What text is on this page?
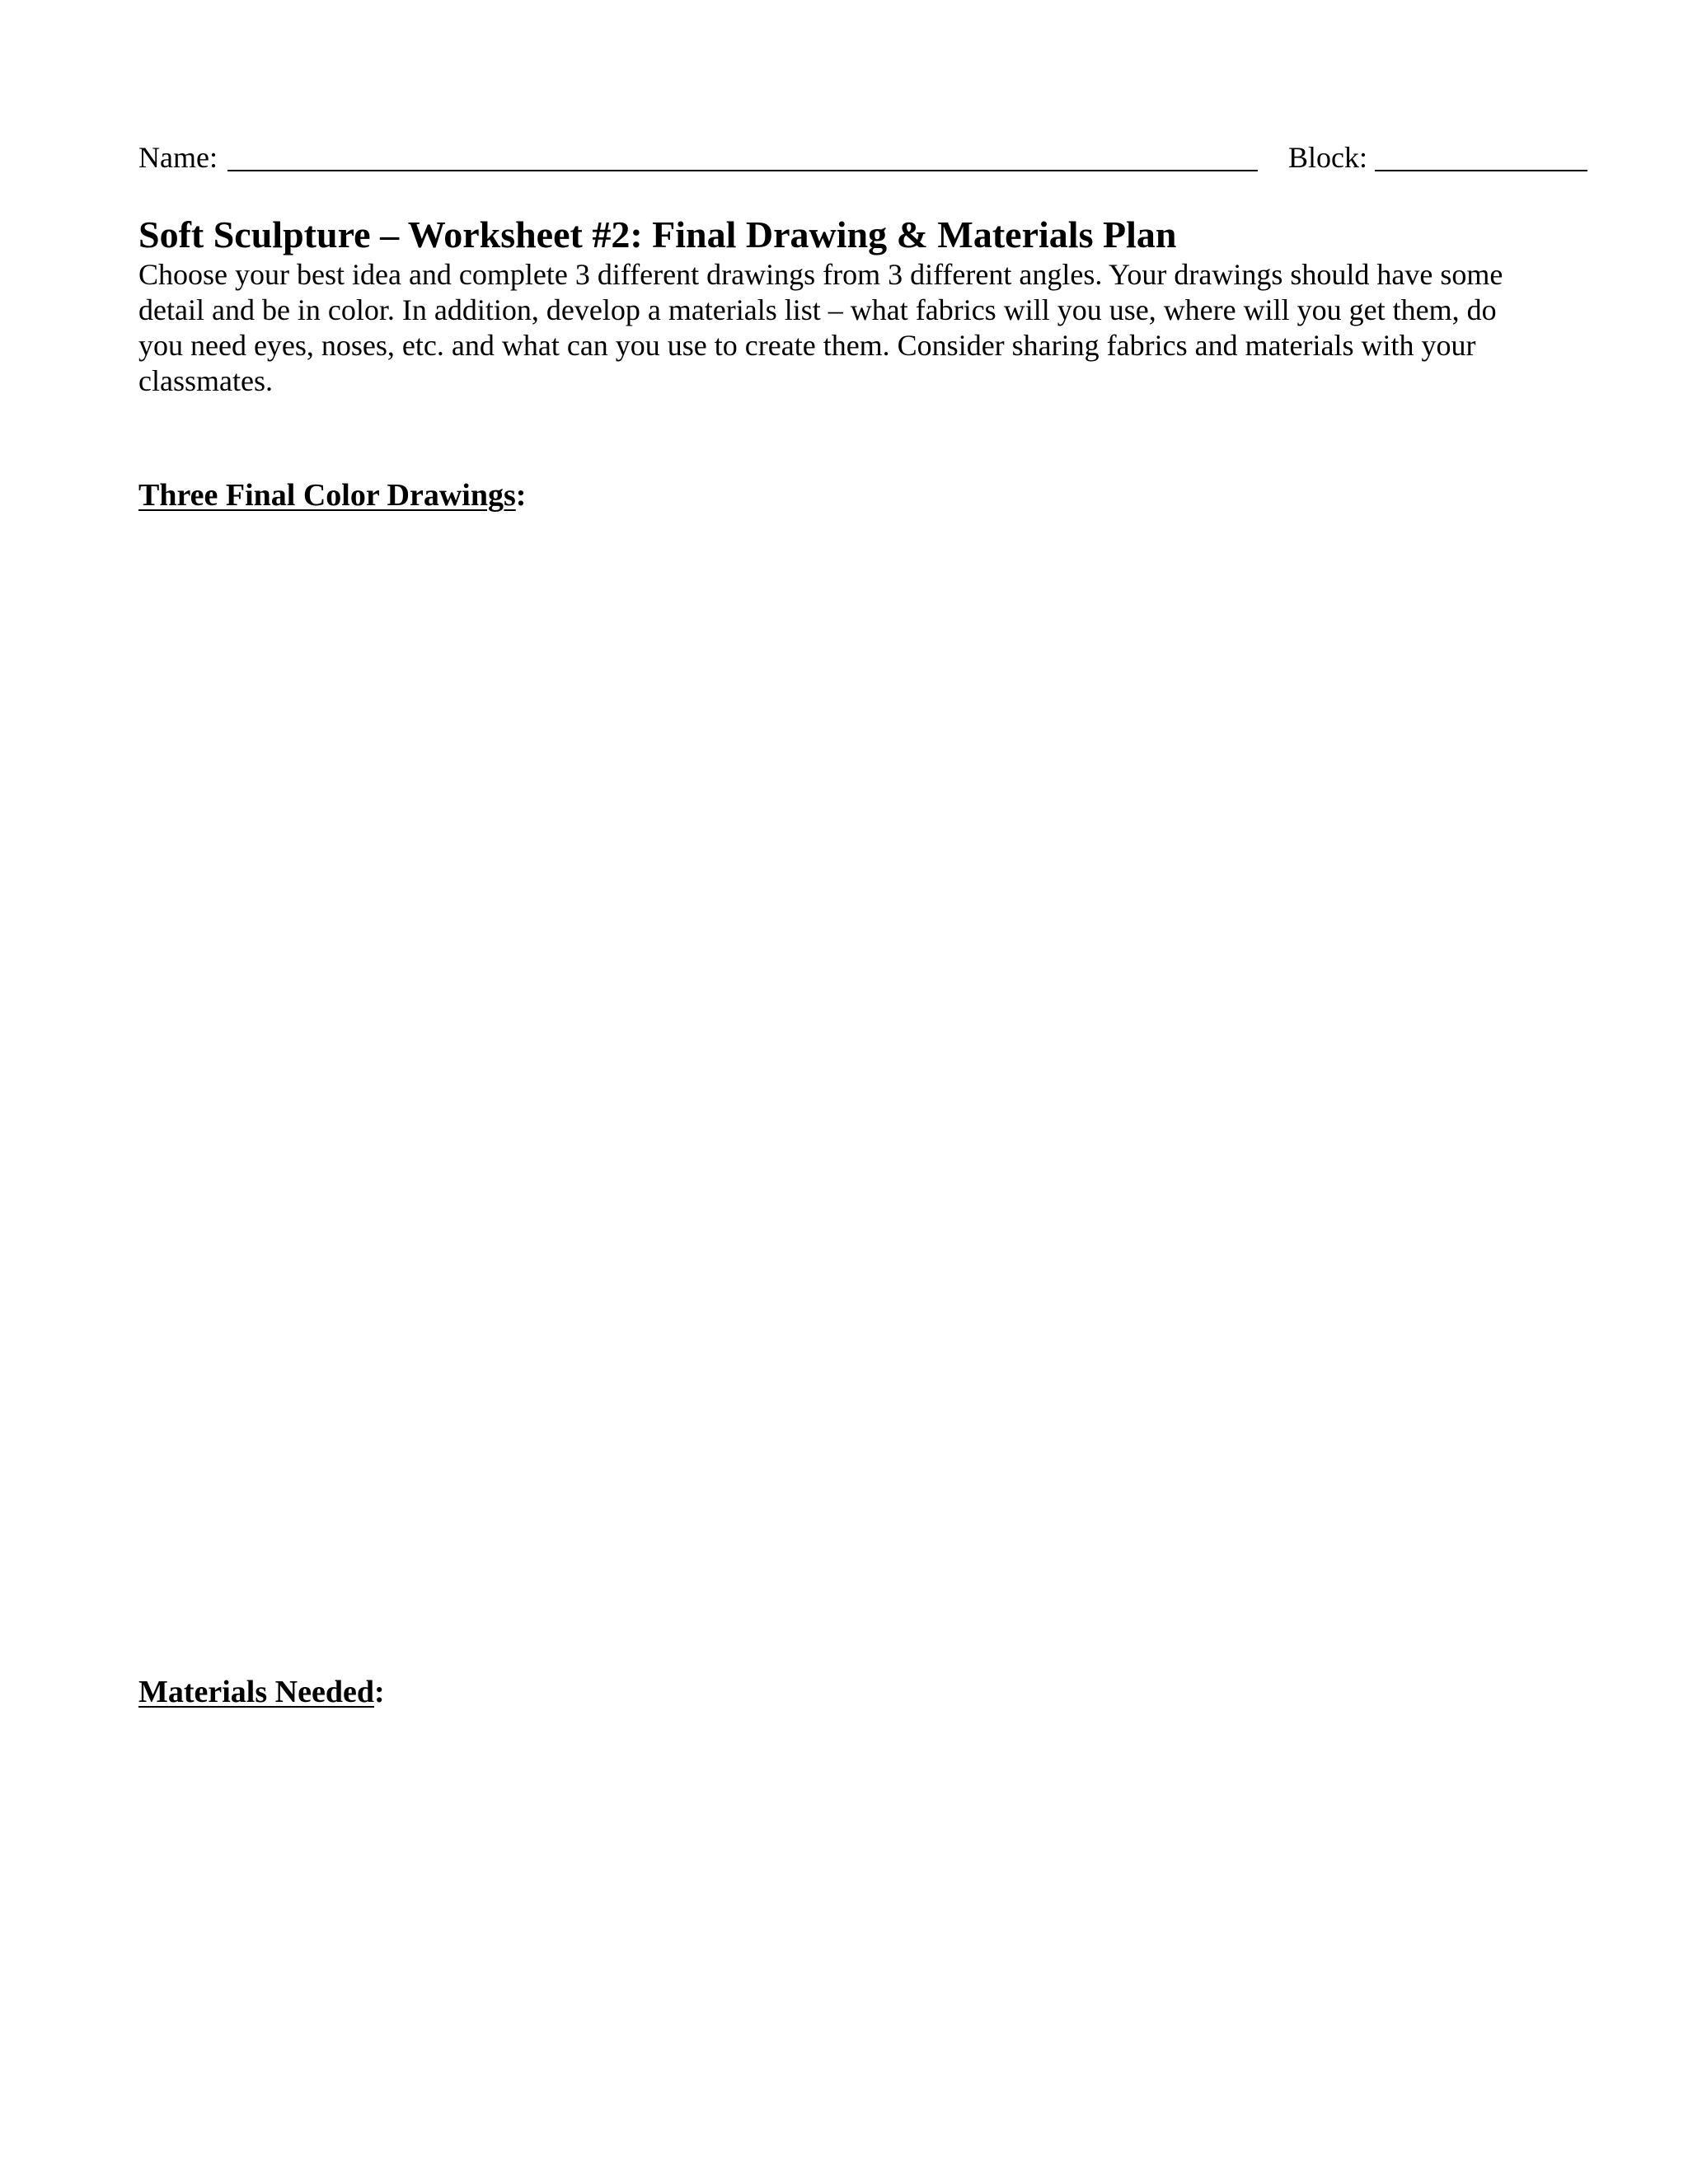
Name:	Block:
Soft Sculpture – Worksheet #2: Final Drawing & Materials Plan

Choose your best idea and complete 3 different drawings from 3 different angles. Your drawings should have some detail and be in color. In addition, develop a materials list – what fabrics will you use, where will you get them, do you need eyes, noses, etc. and what can you use to create them. Consider sharing fabrics and materials with your classmates.

Three Final Color Drawings:
Materials Needed:
